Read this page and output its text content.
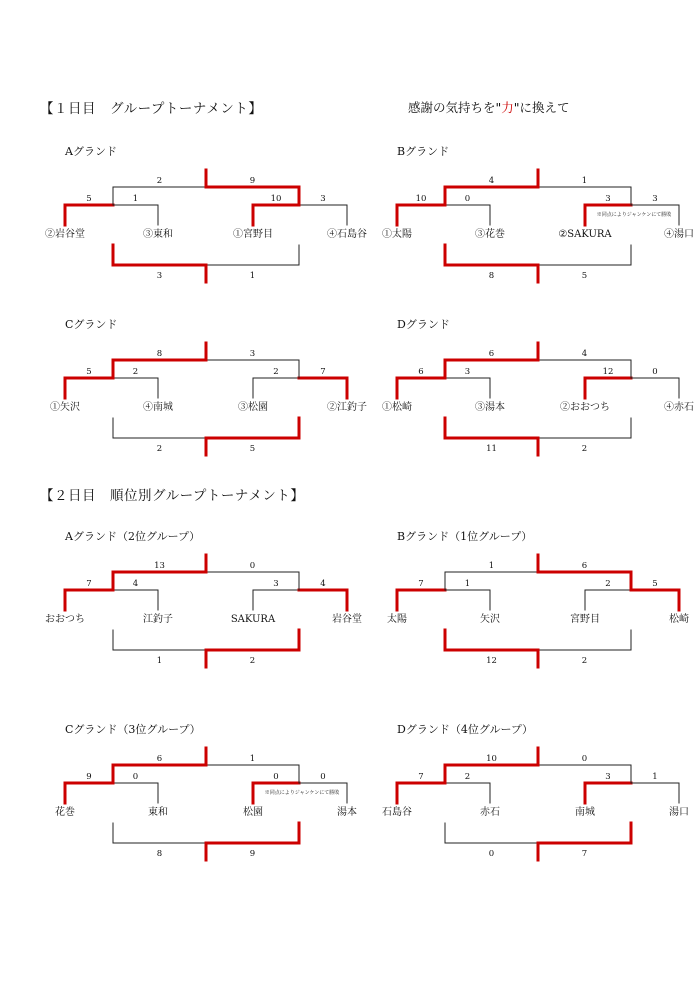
【１日目　グループトーナメント】	感謝の気持ちを"力"に換えて
【２日目　順位別グループトーナメント】
Aグランド
5	1	10	3
2	9
3	1
②岩谷堂	③東和	①宮野目	④石島谷
Bグランド
10	0	3	3
4	1
8	5
①太陽	③花巻	②SAKURA	④湯口
※同点によりジャンケンにて勝敗
Cグランド
5	2	2	7
8	3
2	5
①矢沢	④南城	③松園	②江釣子
Dグランド
6	3	12	0
6	4
11	2
①松崎	③湯本	②おおつち	④赤石
Aグランド（2位グループ）
7	4	3	4
13	0
1	2
おおつち	江釣子	SAKURA	岩谷堂
Bグランド（1位グループ）
7	1	2	5
1	6
12	2
太陽	矢沢	宮野目	松崎
Cグランド（3位グループ）
9	0	0	0
6	1
8	9
花巻	東和	松園	湯本
※同点によりジャンケンにて勝敗
Dグランド（4位グループ）
7	2	3	1
10	0
0	7
石島谷	赤石	南城	湯口
